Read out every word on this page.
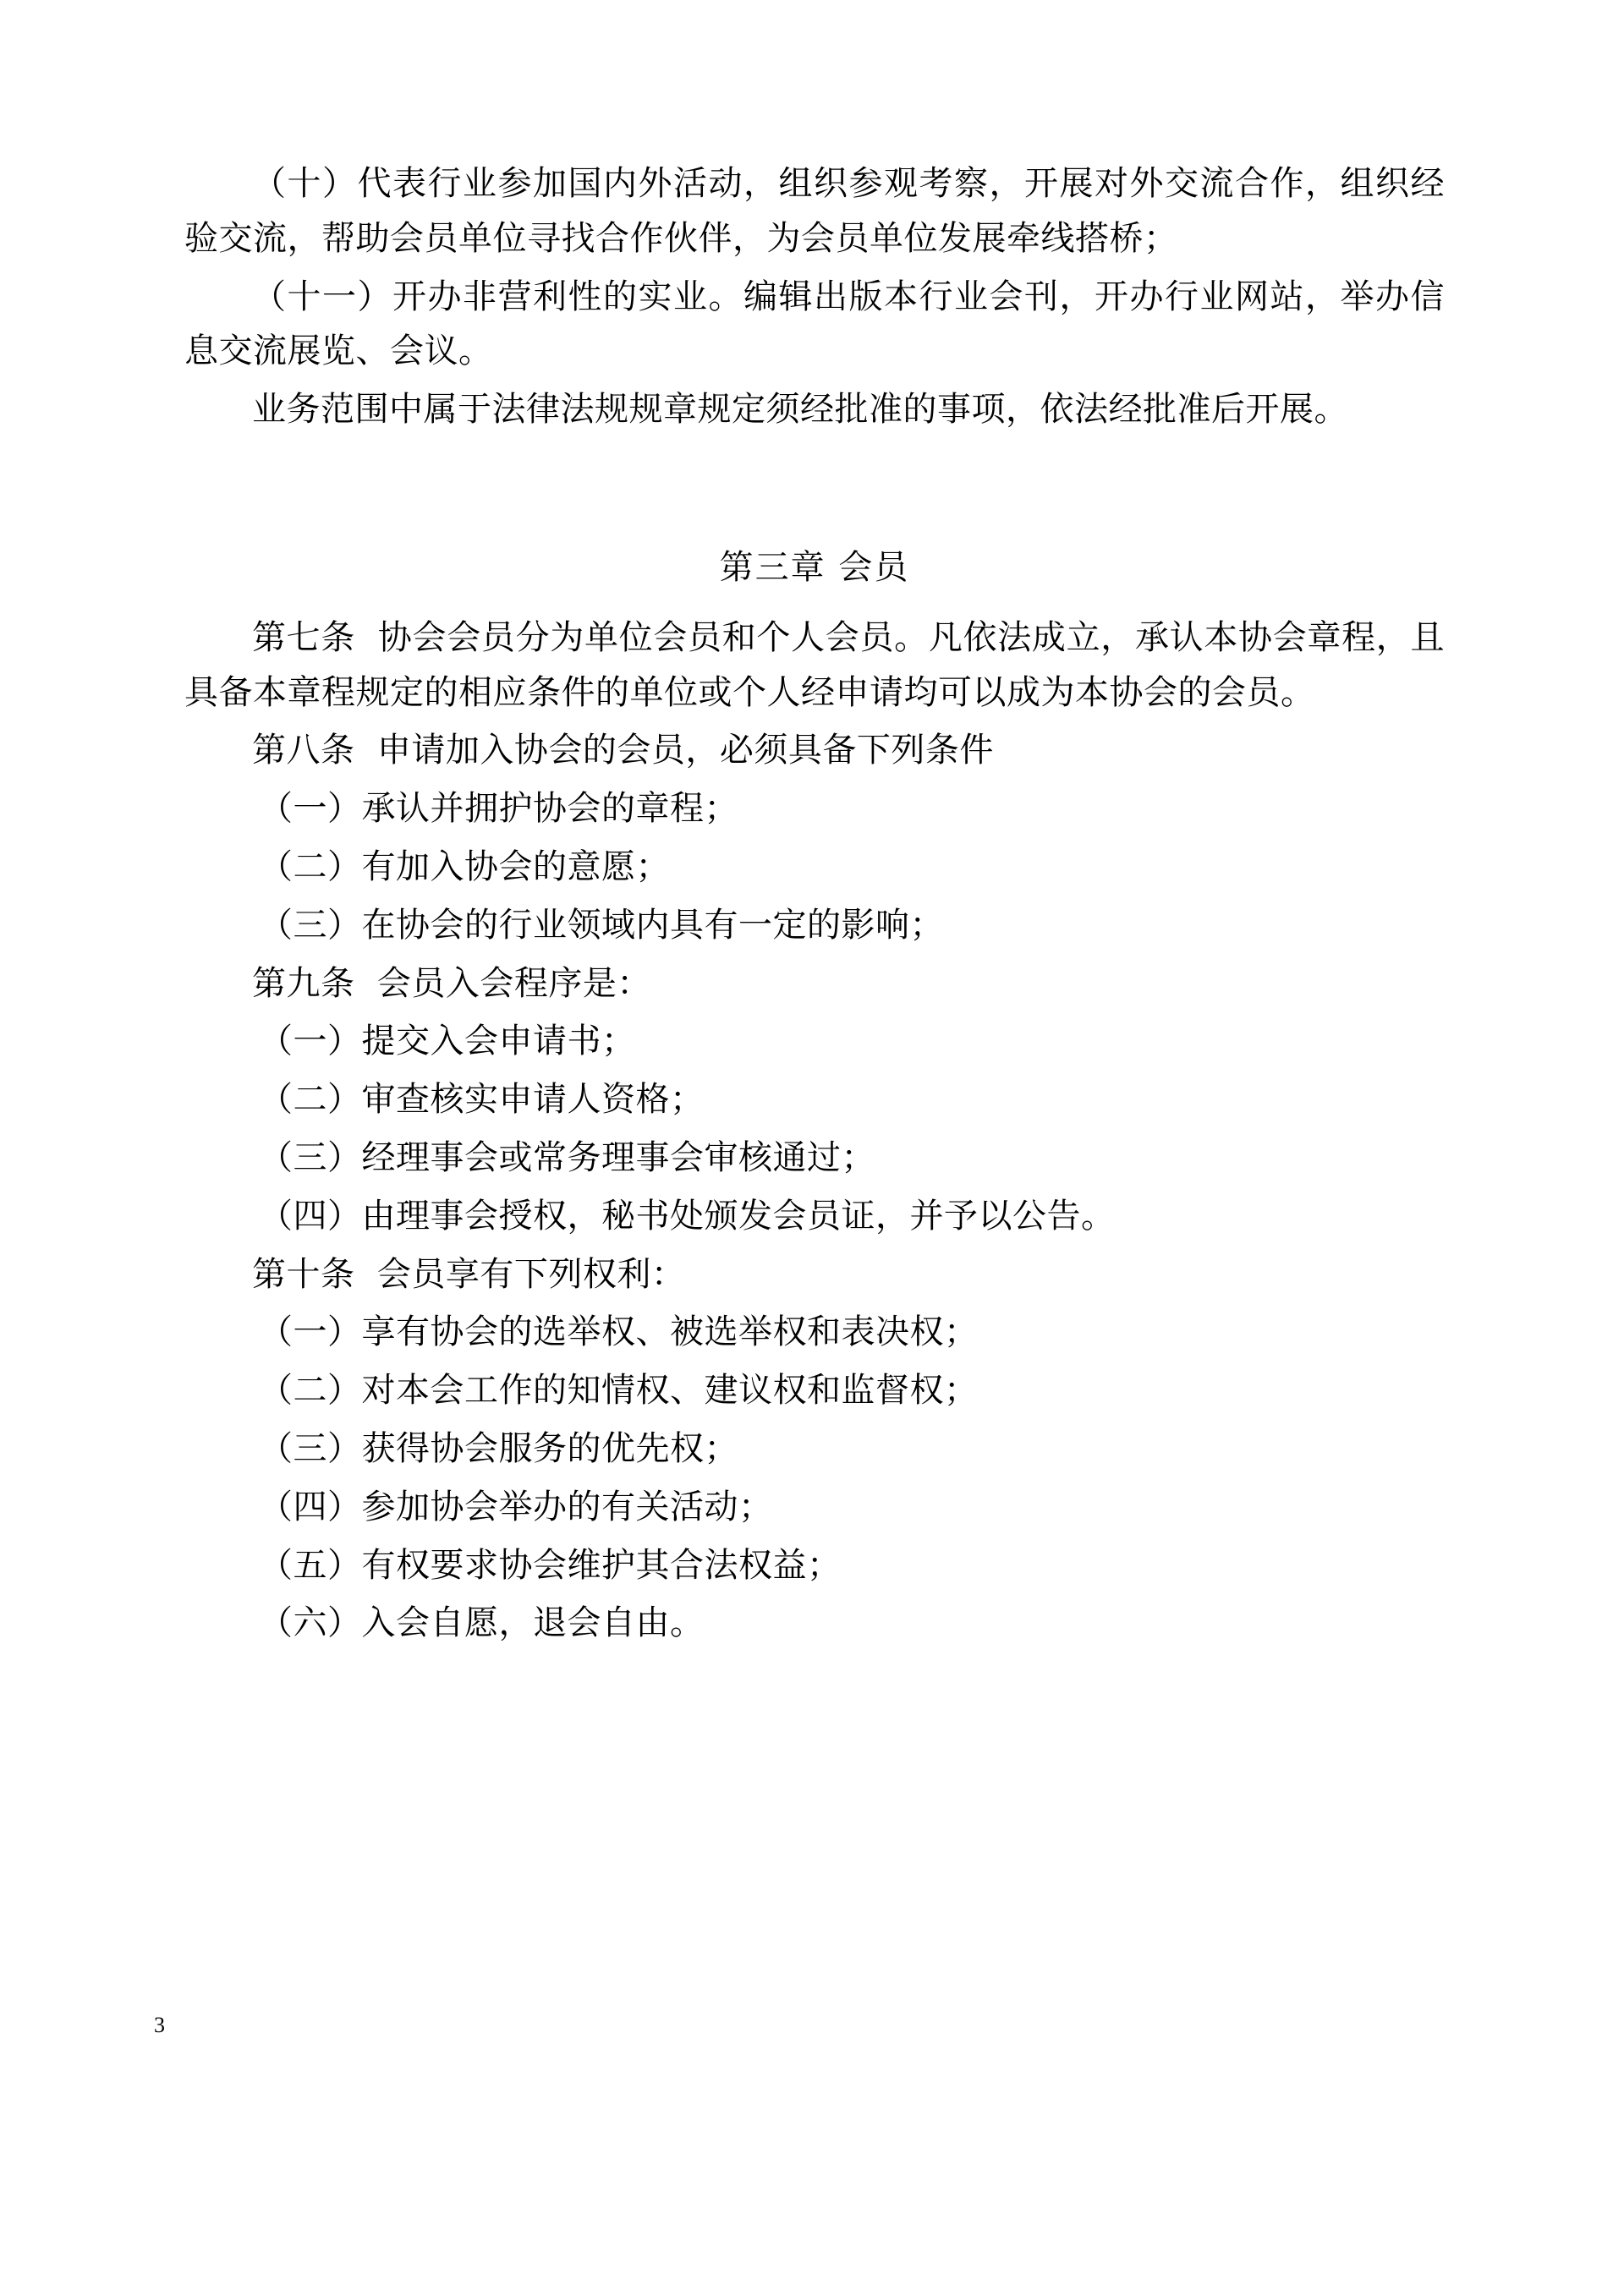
（十）代表行业参加国内外活动，组织参观考察，开展对外交流合作，组织经验交流，帮助会员单位寻找合作伙伴，为会员单位发展牵线搭桥；

（十一）开办非营利性的实业。编辑出版本行业会刊，开办行业网站，举办信息交流展览、会议。

业务范围中属于法律法规规章规定须经批准的事项，依法经批准后开展。

第三章 会员

第七条  协会会员分为单位会员和个人会员。凡依法成立，承认本协会章程，且具备本章程规定的相应条件的单位或个人经申请均可以成为本协会的会员。

第八条  申请加入协会的会员，必须具备下列条件

（一）承认并拥护协会的章程；

（二）有加入协会的意愿；

（三）在协会的行业领域内具有一定的影响；

第九条  会员入会程序是：

（一）提交入会申请书；

（二）审查核实申请人资格；

（三）经理事会或常务理事会审核通过；

（四）由理事会授权，秘书处颁发会员证，并予以公告。

第十条  会员享有下列权利：

（一）享有协会的选举权、被选举权和表决权；

（二）对本会工作的知情权、建议权和监督权；

（三）获得协会服务的优先权；

（四）参加协会举办的有关活动；

（五）有权要求协会维护其合法权益；

（六）入会自愿，退会自由。

3
